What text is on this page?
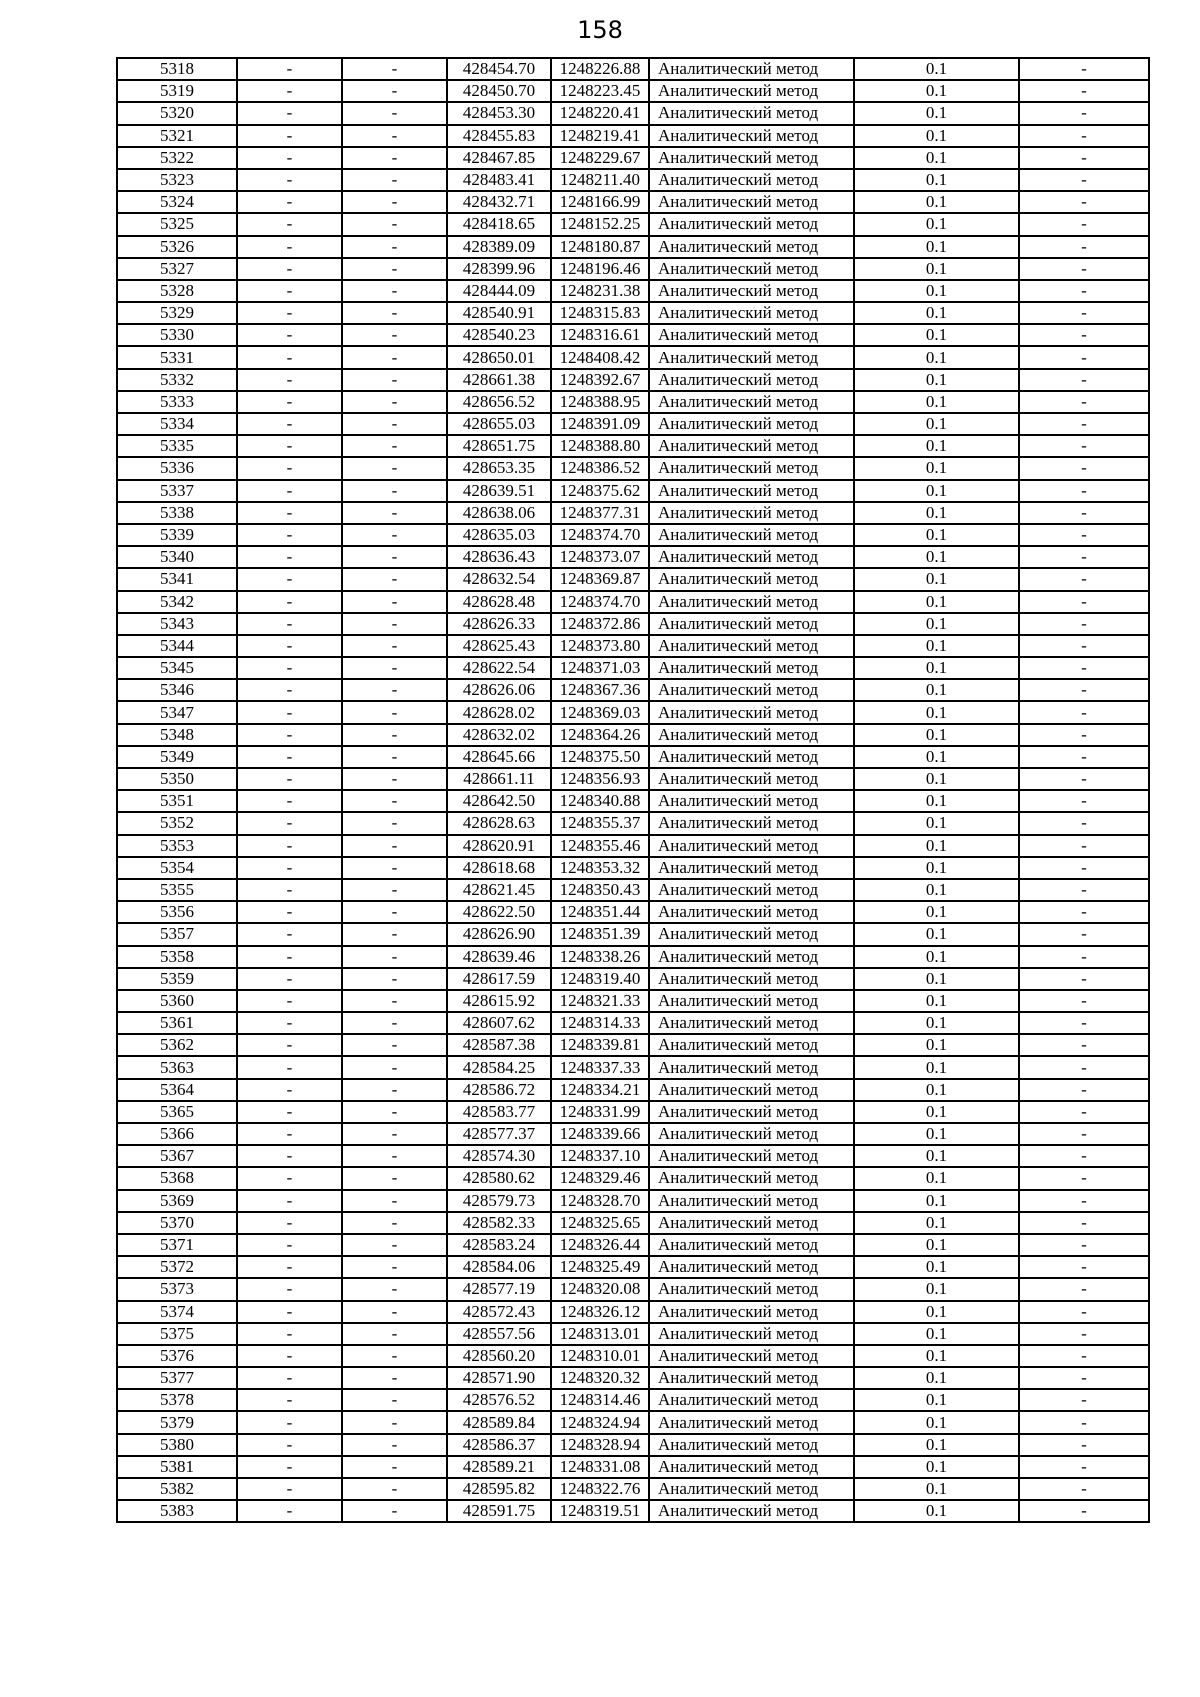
158
5318	-	-	428454.70	1248226.88	Аналитический метод	0.1	-
5319	-	-	428450.70	1248223.45	Аналитический метод	0.1	-
5320	-	-	428453.30	1248220.41	Аналитический метод	0.1	-
5321	-	-	428455.83	1248219.41	Аналитический метод	0.1	-
5322	-	-	428467.85	1248229.67	Аналитический метод	0.1	-
5323	-	-	428483.41	1248211.40	Аналитический метод	0.1	-
5324	-	-	428432.71	1248166.99	Аналитический метод	0.1	-
5325	-	-	428418.65	1248152.25	Аналитический метод	0.1	-
5326	-	-	428389.09	1248180.87	Аналитический метод	0.1	-
5327	-	-	428399.96	1248196.46	Аналитический метод	0.1	-
5328	-	-	428444.09	1248231.38	Аналитический метод	0.1	-
5329	-	-	428540.91	1248315.83	Аналитический метод	0.1	-
5330	-	-	428540.23	1248316.61	Аналитический метод	0.1	-
5331	-	-	428650.01	1248408.42	Аналитический метод	0.1	-
5332	-	-	428661.38	1248392.67	Аналитический метод	0.1	-
5333	-	-	428656.52	1248388.95	Аналитический метод	0.1	-
5334	-	-	428655.03	1248391.09	Аналитический метод	0.1	-
5335	-	-	428651.75	1248388.80	Аналитический метод	0.1	-
5336	-	-	428653.35	1248386.52	Аналитический метод	0.1	-
5337	-	-	428639.51	1248375.62	Аналитический метод	0.1	-
5338	-	-	428638.06	1248377.31	Аналитический метод	0.1	-
5339	-	-	428635.03	1248374.70	Аналитический метод	0.1	-
5340	-	-	428636.43	1248373.07	Аналитический метод	0.1	-
5341	-	-	428632.54	1248369.87	Аналитический метод	0.1	-
5342	-	-	428628.48	1248374.70	Аналитический метод	0.1	-
5343	-	-	428626.33	1248372.86	Аналитический метод	0.1	-
5344	-	-	428625.43	1248373.80	Аналитический метод	0.1	-
5345	-	-	428622.54	1248371.03	Аналитический метод	0.1	-
5346	-	-	428626.06	1248367.36	Аналитический метод	0.1	-
5347	-	-	428628.02	1248369.03	Аналитический метод	0.1	-
5348	-	-	428632.02	1248364.26	Аналитический метод	0.1	-
5349	-	-	428645.66	1248375.50	Аналитический метод	0.1	-
5350	-	-	428661.11	1248356.93	Аналитический метод	0.1	-
5351	-	-	428642.50	1248340.88	Аналитический метод	0.1	-
5352	-	-	428628.63	1248355.37	Аналитический метод	0.1	-
5353	-	-	428620.91	1248355.46	Аналитический метод	0.1	-
5354	-	-	428618.68	1248353.32	Аналитический метод	0.1	-
5355	-	-	428621.45	1248350.43	Аналитический метод	0.1	-
5356	-	-	428622.50	1248351.44	Аналитический метод	0.1	-
5357	-	-	428626.90	1248351.39	Аналитический метод	0.1	-
5358	-	-	428639.46	1248338.26	Аналитический метод	0.1	-
5359	-	-	428617.59	1248319.40	Аналитический метод	0.1	-
5360	-	-	428615.92	1248321.33	Аналитический метод	0.1	-
5361	-	-	428607.62	1248314.33	Аналитический метод	0.1	-
5362	-	-	428587.38	1248339.81	Аналитический метод	0.1	-
5363	-	-	428584.25	1248337.33	Аналитический метод	0.1	-
5364	-	-	428586.72	1248334.21	Аналитический метод	0.1	-
5365	-	-	428583.77	1248331.99	Аналитический метод	0.1	-
5366	-	-	428577.37	1248339.66	Аналитический метод	0.1	-
5367	-	-	428574.30	1248337.10	Аналитический метод	0.1	-
5368	-	-	428580.62	1248329.46	Аналитический метод	0.1	-
5369	-	-	428579.73	1248328.70	Аналитический метод	0.1	-
5370	-	-	428582.33	1248325.65	Аналитический метод	0.1	-
5371	-	-	428583.24	1248326.44	Аналитический метод	0.1	-
5372	-	-	428584.06	1248325.49	Аналитический метод	0.1	-
5373	-	-	428577.19	1248320.08	Аналитический метод	0.1	-
5374	-	-	428572.43	1248326.12	Аналитический метод	0.1	-
5375	-	-	428557.56	1248313.01	Аналитический метод	0.1	-
5376	-	-	428560.20	1248310.01	Аналитический метод	0.1	-
5377	-	-	428571.90	1248320.32	Аналитический метод	0.1	-
5378	-	-	428576.52	1248314.46	Аналитический метод	0.1	-
5379	-	-	428589.84	1248324.94	Аналитический метод	0.1	-
5380	-	-	428586.37	1248328.94	Аналитический метод	0.1	-
5381	-	-	428589.21	1248331.08	Аналитический метод	0.1	-
5382	-	-	428595.82	1248322.76	Аналитический метод	0.1	-
5383	-	-	428591.75	1248319.51	Аналитический метод	0.1	-
